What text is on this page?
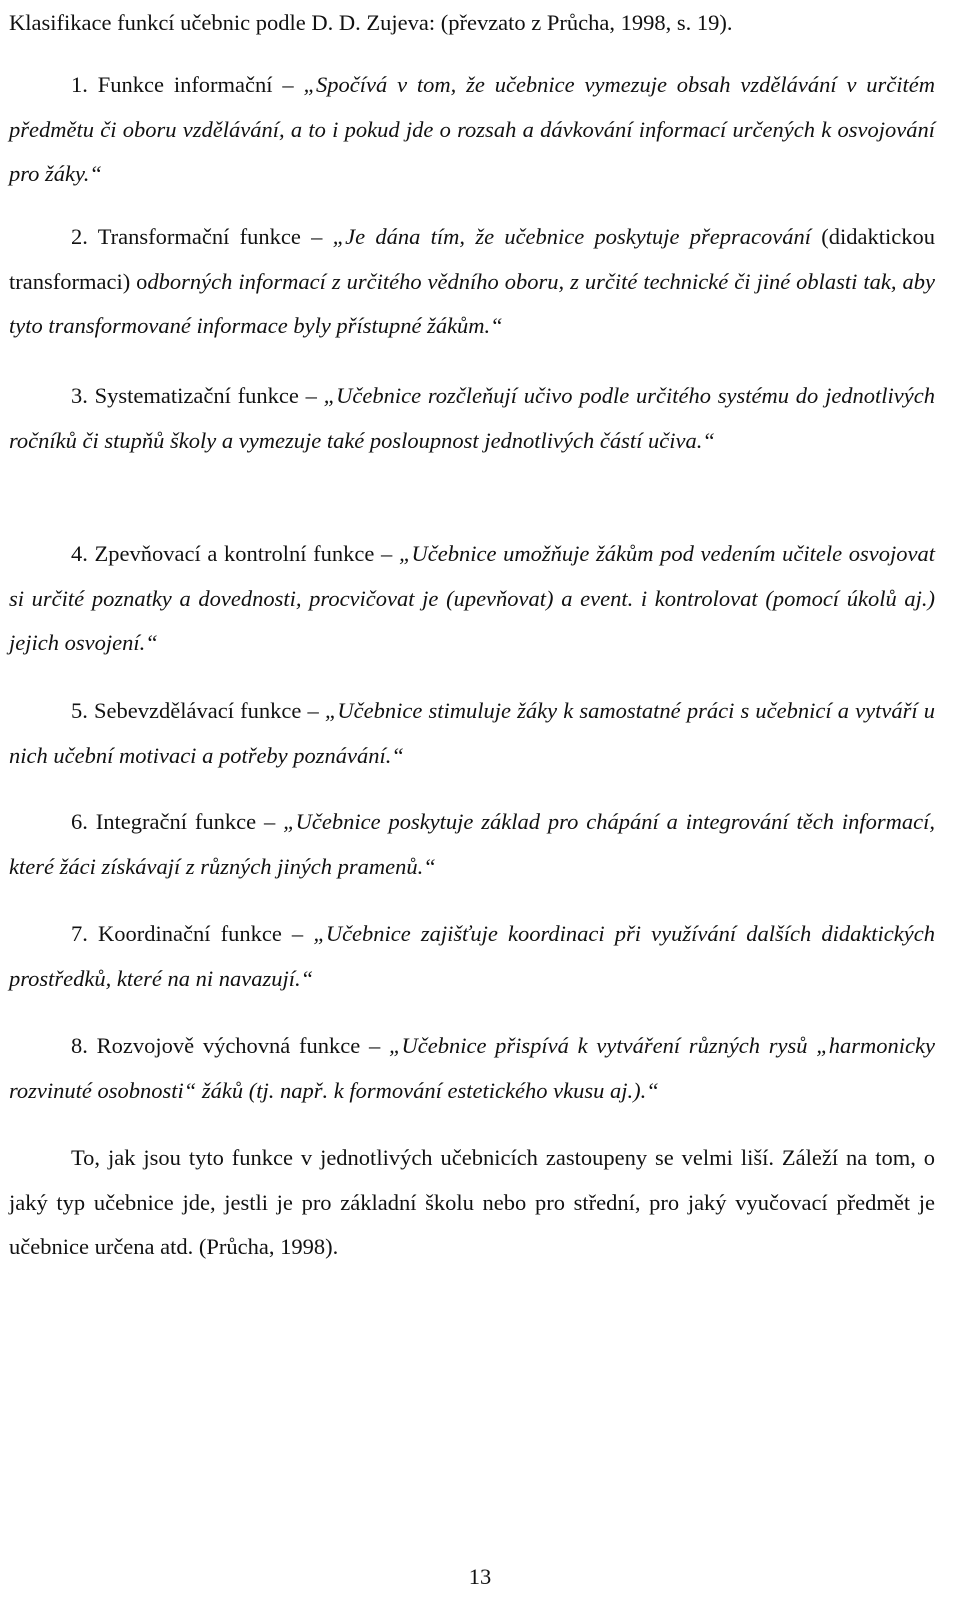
Klasifikace funkcí učebnic podle D. D. Zujeva: (převzato z Průcha, 1998, s. 19).

1. Funkce informační – „Spočívá v tom, že učebnice vymezuje obsah vzdělávání v určitém předmětu či oboru vzdělávání, a to i pokud jde o rozsah a dávkování informací určených k osvojování pro žáky.“

2. Transformační funkce – „Je dána tím, že učebnice poskytuje přepracování (didaktickou transformaci) odborných informací z určitého vědního oboru, z určité technické či jiné oblasti tak, aby tyto transformované informace byly přístupné žákům.“

3. Systematizační funkce – „Učebnice rozčleňují učivo podle určitého systému do jednotlivých ročníků či stupňů školy a vymezuje také posloupnost jednotlivých částí učiva.“

4. Zpevňovací a kontrolní funkce – „Učebnice umožňuje žákům pod vedením učitele osvojovat si určité poznatky a dovednosti, procvičovat je (upevňovat) a event. i kontrolovat (pomocí úkolů aj.) jejich osvojení.“

5. Sebevzdělávací funkce – „Učebnice stimuluje žáky k samostatné práci s učebnicí a vytváří u nich učební motivaci a potřeby poznávání.“

6. Integrační funkce – „Učebnice poskytuje základ pro chápání a integrování těch informací, které žáci získávají z různých jiných pramenů.“

7. Koordinační funkce – „Učebnice zajišťuje koordinaci při využívání dalších didaktických prostředků, které na ni navazují.“

8. Rozvojově výchovná funkce – „Učebnice přispívá k vytváření různých rysů „harmonicky rozvinuté osobnosti“ žáků (tj. např. k formování estetického vkusu aj.).“

To, jak jsou tyto funkce v jednotlivých učebnicích zastoupeny se velmi liší. Záleží na tom, o jaký typ učebnice jde, jestli je pro základní školu nebo pro střední, pro jaký vyučovací předmět je učebnice určena atd. (Průcha, 1998).

13
